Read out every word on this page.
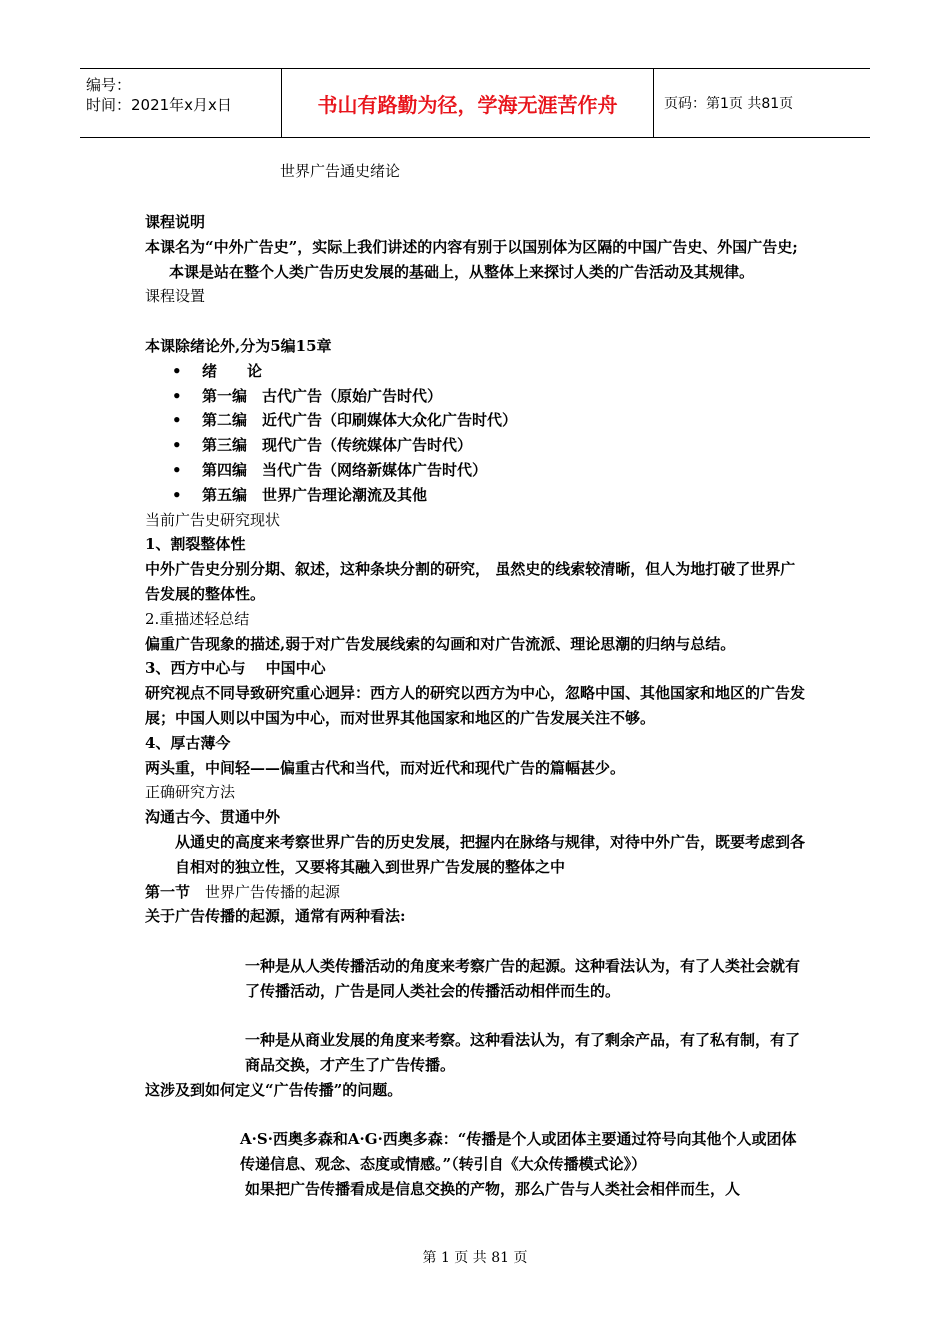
编号：
时间：2021年x月x日	书山有路勤为径，学海无涯苦作舟	页码：第1页 共81页
世界广告通史绪论

课程说明

本课名为“中外广告史”，实际上我们讲述的内容有别于以国别体为区隔的中国广告史、外国广告史;

本课是站在整个人类广告历史发展的基础上，从整体上来探讨人类的广告活动及其规律。

课程设置

本课除绪论外,分为5编15章

• 绪　　论
• 第一编　古代广告（原始广告时代）
• 第二编　近代广告（印刷媒体大众化广告时代）
• 第三编　现代广告（传统媒体广告时代）
• 第四编　当代广告（网络新媒体广告时代）
• 第五编　世界广告理论潮流及其他

当前广告史研究现状

1、割裂整体性

中外广告史分别分期、叙述，这种条块分割的研究， 虽然史的线索较清晰，但人为地打破了世界广告发展的整体性。

2.重描述轻总结

偏重广告现象的描述,弱于对广告发展线索的勾画和对广告流派、理论思潮的归纳与总结。

3、西方中心与　 中国中心

研究视点不同导致研究重心迥异：西方人的研究以西方为中心，忽略中国、其他国家和地区的广告发展；中国人则以中国为中心，而对世界其他国家和地区的广告发展关注不够。

4、厚古薄今

两头重，中间轻——偏重古代和当代，而对近代和现代广告的篇幅甚少。

正确研究方法

沟通古今、贯通中外

从通史的高度来考察世界广告的历史发展，把握内在脉络与规律，对待中外广告，既要考虑到各自相对的独立性，又要将其融入到世界广告发展的整体之中

第一节　世界广告传播的起源

关于广告传播的起源，通常有两种看法:

一种是从人类传播活动的角度来考察广告的起源。这种看法认为，有了人类社会就有了传播活动，广告是同人类社会的传播活动相伴而生的。

一种是从商业发展的角度来考察。这种看法认为，有了剩余产品，有了私有制，有了商品交换，才产生了广告传播。

这涉及到如何定义“广告传播”的问题。

A·S·西奥多森和A·G·西奥多森：“传播是个人或团体主要通过符号向其他个人或团体传递信息、观念、态度或情感。”（转引自《大众传播模式论》）

如果把广告传播看成是信息交换的产物，那么广告与人类社会相伴而生，人

第 1 页 共 81 页
